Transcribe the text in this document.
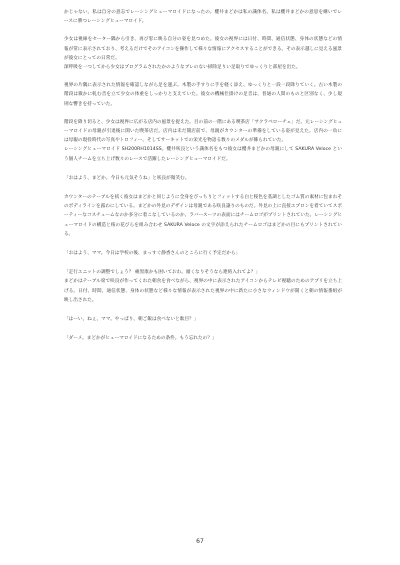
かじゃない。私は自分の意志でレーシングヒューマロイドになったの。櫻井まどかは私の識体名。私は櫻井まどかの意思を継いでレースに勝つレーシングヒューマロイド。

少女は視線をセーター隅から引き、再び窓に映る自分の姿を見つめた。彼女の視界には日付、時間、通信状態、身体の状態などの情報が常に表示されており、考えるだけでそのアイコンを操作して様々な情報にアクセスすることができる。その表示越しに見える風景が彼女にとっての日常だ。

深呼吸を一つしてから少女はプログラムされたかのようなブレのない掃除足りい足取りでゆっくりと部屋を出た。

視界の片隅に表示された情報を確認しながら足を運ぶ。木製の手すりに手を軽く添え、ゆっくりと一段一段降りていく。古い木製の階段は微かに軋む音を立て少女の体重をしっかりと支えていた。彼女の機械仕掛けの足音は、普通の人間のものと区別なく、少し規則な響きを持っていた。

階段を降り切ると、少女は視界に広がる店内の風景を捉えた。目の前の一階にある喫茶店「サクラベローチェ」だ。元レーシングヒューマロイドの母親が引退後に開いた喫茶店だ。店内は未だ開店前で、母親がカウンターの準備をしている姿が見えた。店内の一角には母親の現役時代の写真やトロフィー、そしてサーキットでの栄光を物語る数々のメダルが飾られていた。

レーシングヒューマロイド SH200RH1014SS。櫻井咲良という識体名をもつ彼女は櫻井まどかの母親にして SAKURA Veloce という個人チームを立ち上げ数々のレースで活躍したレーシングヒューマロイドだ。

「おはよう、まどか。今日も元気そうね」と咲良が微笑む。

カウンターのテーブルを拭く彼女はまどかと同じように全身をぴっちりとフィットする白と桜色を基調としたゴム質の素材に包まれそのボディラインを露わにしている。まどかの外見のデザインは母親である咲良譲りのものだ。外見の上に直接エプロンを着ていてスポーティーなコスチュームなのか多分に着こなしているのか、ラバースーツの表面にはチームロゴがプリントされていた。レーシングヒューマロイドの構造と桜の花びらを組み合わせ SAKURA Veloce の文字が添えられたチームロゴはまどかの目にもプリントされている。

「おはよう、ママ。今日は学校の後、まっすぐ静香さんのところに行く予定だから」

「走行ユニットの調整でしょう？ 痛黒康かも困いておわ。頭くなりそうなら連絡入れてよ？」

まどかはテーブル席で咲良が作ってくれた朝食を食べながら、視界の中に表示されたアイコンからテレビ視聴のためのアプリを立ち上げる。日付、時間、通信状態、身体の状態など様々な情報が表示された視界の中に新たに小さなウィンドウが開くと朝の情報番組が映し出された。

「はーい。ねぇ、ママ。やっぱり、朝ご飯は食べないと駄目？」

「ダーメ。まどかがヒューマロイドになるための条件。もう忘れたの？」

67
